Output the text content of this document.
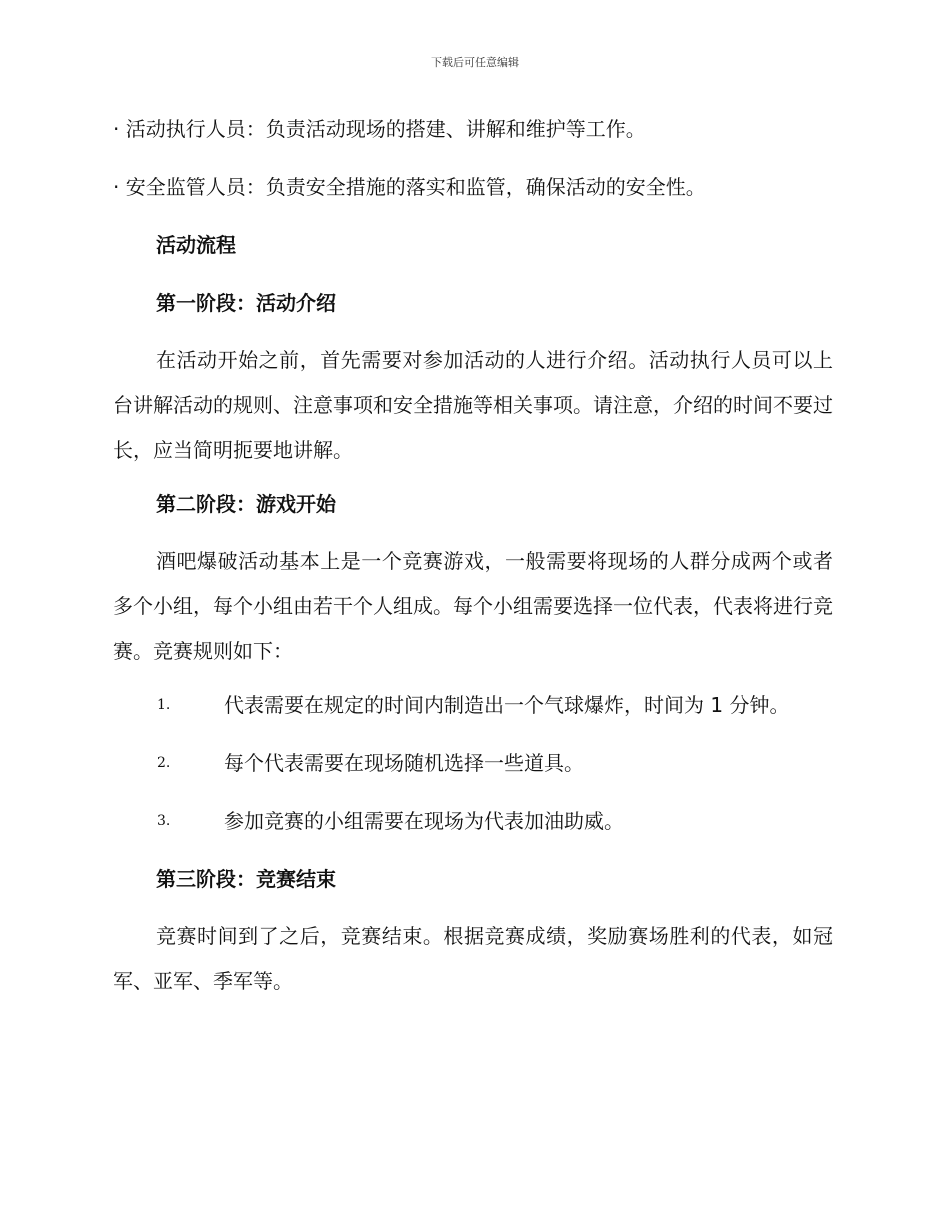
下载后可任意编辑

· 活动执行人员：负责活动现场的搭建、讲解和维护等工作。

· 安全监管人员：负责安全措施的落实和监管，确保活动的安全性。

活动流程

第一阶段：活动介绍

在活动开始之前，首先需要对参加活动的人进行介绍。活动执行人员可以上台讲解活动的规则、注意事项和安全措施等相关事项。请注意，介绍的时间不要过长，应当简明扼要地讲解。

第二阶段：游戏开始

酒吧爆破活动基本上是一个竞赛游戏，一般需要将现场的人群分成两个或者多个小组，每个小组由若干个人组成。每个小组需要选择一位代表，代表将进行竞赛。竞赛规则如下：

1.	代表需要在规定的时间内制造出一个气球爆炸，时间为 1 分钟。
2.	每个代表需要在现场随机选择一些道具。
3.	参加竞赛的小组需要在现场为代表加油助威。

第三阶段：竞赛结束

竞赛时间到了之后，竞赛结束。根据竞赛成绩，奖励赛场胜利的代表，如冠军、亚军、季军等。
